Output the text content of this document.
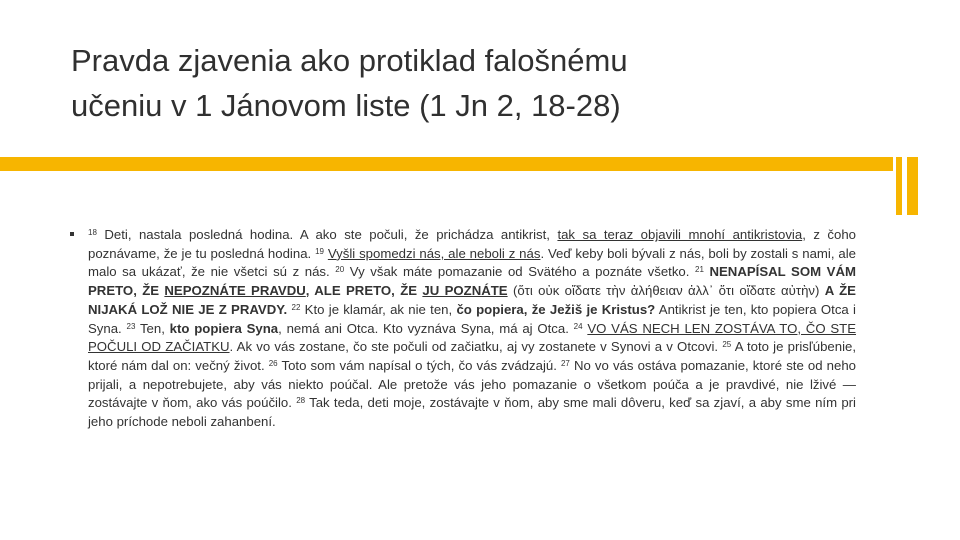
Pravda zjavenia ako protiklad falošnému
učeniu v 1 Jánovom liste (1 Jn 2, 18-28)

$^{18}$ Deti, nastala posledná hodina. A ako ste počuli, že prichádza antikrist, tak sa teraz objavili mnohí antikristovia, z čoho poznávame, že je tu posledná hodina. $^{19}$ Vyšli spomedzi nás, ale neboli z nás. Veď keby boli bývali z nás, boli by zostali s nami, ale malo sa ukázať, že nie všetci sú z nás. $^{20}$ Vy však máte pomazanie od Svätého a poznáte všetko. $^{21}$ NENAPÍSAL SOM VÁM PRETO, ŽE NEPOZNÁTE PRAVDU, ALE PRETO, ŽE JU POZNÁTE (ὅτι οὐκ οἴδατε τὴν ἀλήθειαν ἀλλ᾽ ὅτι οἴδατε αὐτὴν) A ŽE NIJAKÁ LOŽ NIE JE Z PRAVDY. $^{22}$ Kto je klamár, ak nie ten, čo popiera, že Ježiš je Kristus? Antikrist je ten, kto popiera Otca i Syna. $^{23}$ Ten, kto popiera Syna, nemá ani Otca. Kto vyznáva Syna, má aj Otca. $^{24}$ VO VÁS NECH LEN ZOSTÁVA TO, ČO STE POČULI OD ZAČIATKU. Ak vo vás zostane, čo ste počuli od začiatku, aj vy zostanete v Synovi a v Otcovi. $^{25}$ A toto je prisľúbenie, ktoré nám dal on: večný život. $^{26}$ Toto som vám napísal o tých, čo vás zvádzajú. $^{27}$ No vo vás ostáva pomazanie, ktoré ste od neho prijali, a nepotrebujete, aby vás niekto poúčal. Ale pretože vás jeho pomazanie o všetkom poúča a je pravdivé, nie lživé — zostávajte v ňom, ako vás poúčilo. $^{28}$ Tak teda, deti moje, zostávajte v ňom, aby sme mali dôveru, keď sa zjaví, a aby sme ním pri jeho príchode neboli zahanbení.
